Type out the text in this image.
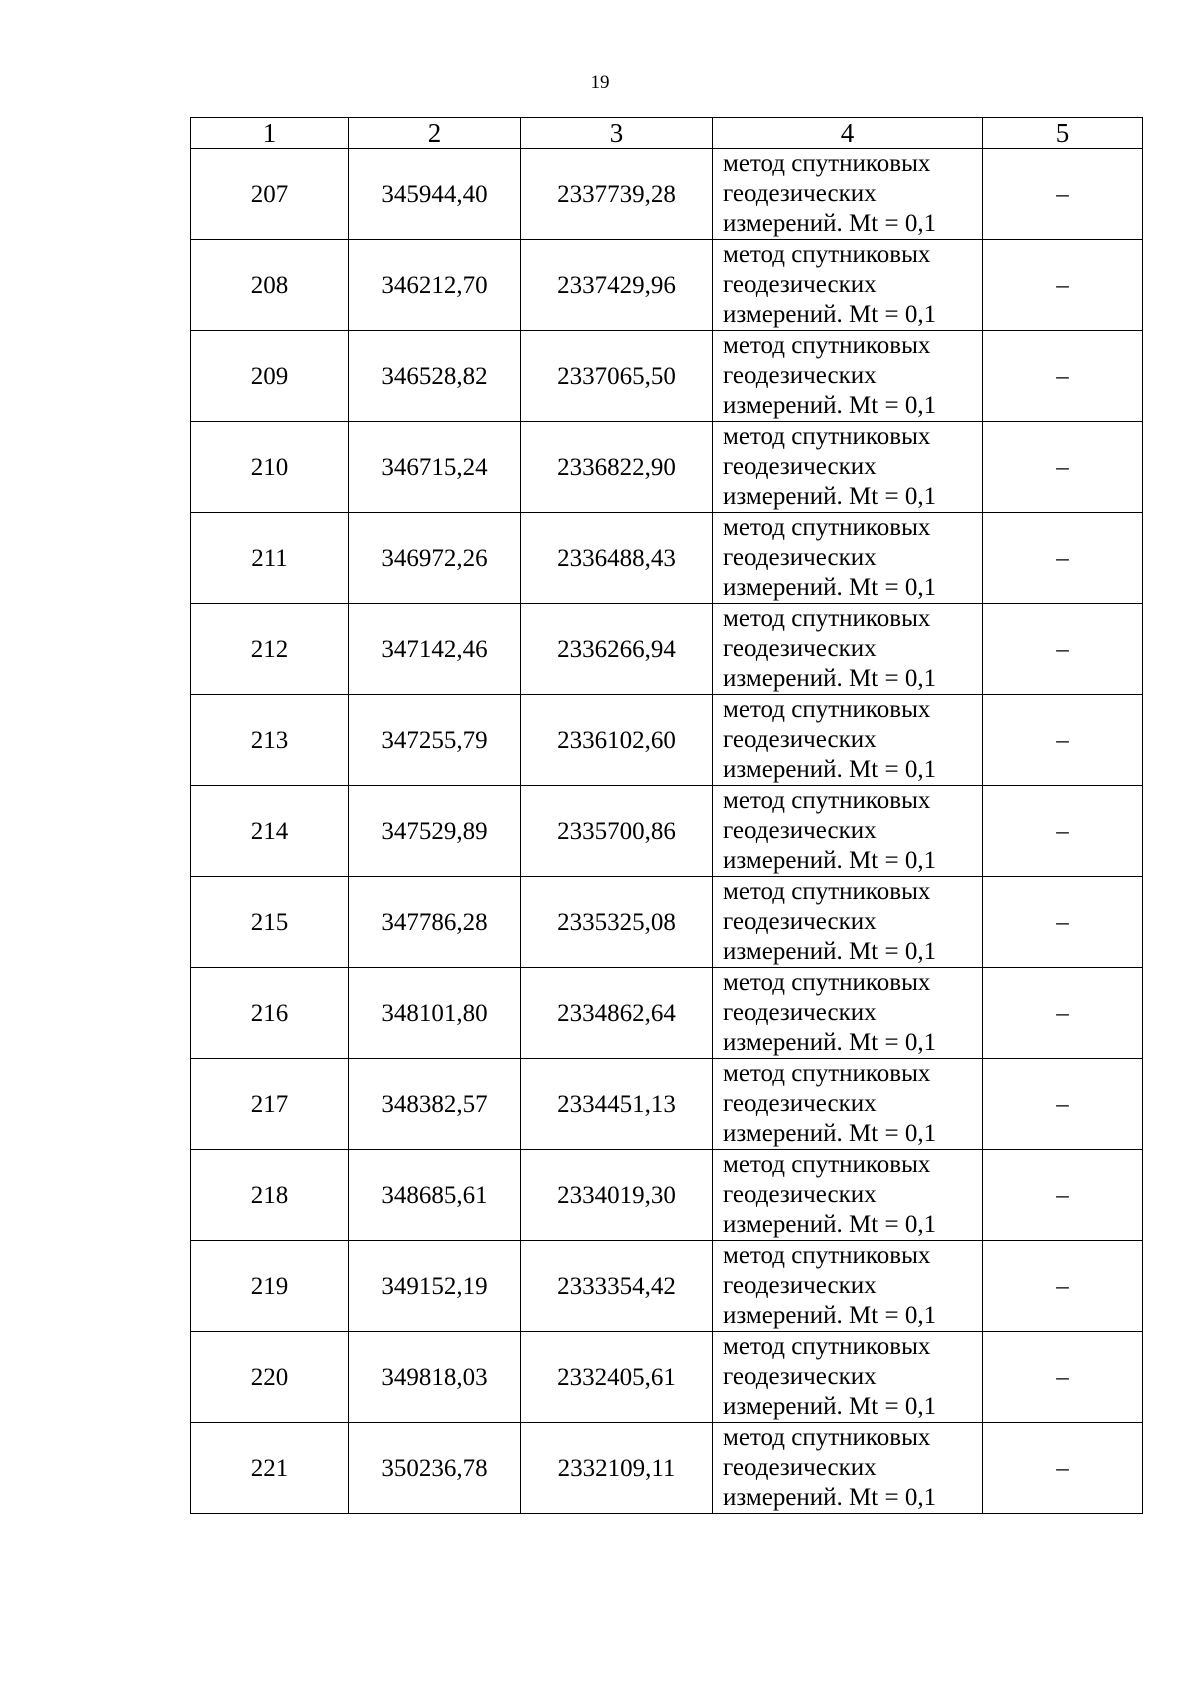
19
1	2	3	4	5
207	345944,40	2337739,28	метод спутниковых
геодезических
измерений. Mt = 0,1	–
208	346212,70	2337429,96	метод спутниковых
геодезических
измерений. Mt = 0,1	–
209	346528,82	2337065,50	метод спутниковых
геодезических
измерений. Mt = 0,1	–
210	346715,24	2336822,90	метод спутниковых
геодезических
измерений. Mt = 0,1	–
211	346972,26	2336488,43	метод спутниковых
геодезических
измерений. Mt = 0,1	–
212	347142,46	2336266,94	метод спутниковых
геодезических
измерений. Mt = 0,1	–
213	347255,79	2336102,60	метод спутниковых
геодезических
измерений. Mt = 0,1	–
214	347529,89	2335700,86	метод спутниковых
геодезических
измерений. Mt = 0,1	–
215	347786,28	2335325,08	метод спутниковых
геодезических
измерений. Mt = 0,1	–
216	348101,80	2334862,64	метод спутниковых
геодезических
измерений. Mt = 0,1	–
217	348382,57	2334451,13	метод спутниковых
геодезических
измерений. Mt = 0,1	–
218	348685,61	2334019,30	метод спутниковых
геодезических
измерений. Mt = 0,1	–
219	349152,19	2333354,42	метод спутниковых
геодезических
измерений. Mt = 0,1	–
220	349818,03	2332405,61	метод спутниковых
геодезических
измерений. Mt = 0,1	–
221	350236,78	2332109,11	метод спутниковых
геодезических
измерений. Mt = 0,1	–
